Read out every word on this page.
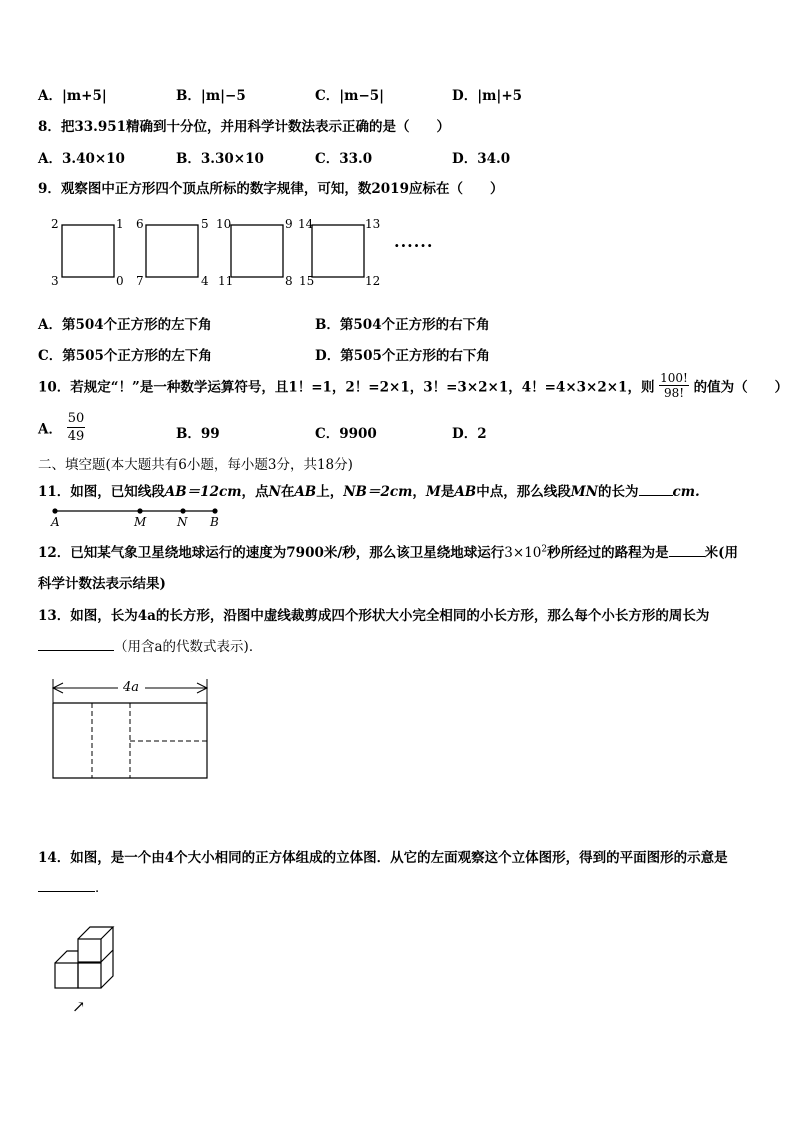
A．|m+5|	B．|m|−5	C．|m−5|	D．|m|+5
8．把33.951精确到十分位，并用科学计数法表示正确的是（　　）
A．3.40×10	B．3.30×10	C．33.0	D．34.0
9．观察图中正方形四个顶点所标的数字规律，可知，数2019应标在（　　）
2	1
3	0
6	5
7	4
10	9
11	8
14	13
15	12
······
A．第504个正方形的左下角	B．第504个正方形的右下角
C．第505个正方形的左下角	D．第505个正方形的右下角
10．若规定“！”是一种数学运算符号，且1！=1，2！=2×1，3！=3×2×1，4！=4×3×2×1，则 $\frac{100!}{98!}$ 的值为（　　）
A． $\frac{50}{49}$	B．99	C．9900	D．2
二、填空题(本大题共有6小题，每小题3分，共18分)
11．如图，已知线段AB＝12cm，点N在AB上，NB＝2cm，M是AB中点，那么线段MN的长为	cm.
A	M	N B
12．已知某气象卫星绕地球运行的速度为7900米/秒，那么该卫星绕地球运行$3\times 10^2$秒所经过的路程为是	米(用
科学计数法表示结果)
13．如图，长为4a的长方形，沿图中虚线裁剪成四个形状大小完全相同的小长方形，那么每个小长方形的周长为
（用含a的代数式表示)．
4a
14．如图，是一个由4个大小相同的正方体组成的立体图．从它的左面观察这个立体图形，得到的平面图形的示意是
．
↗
